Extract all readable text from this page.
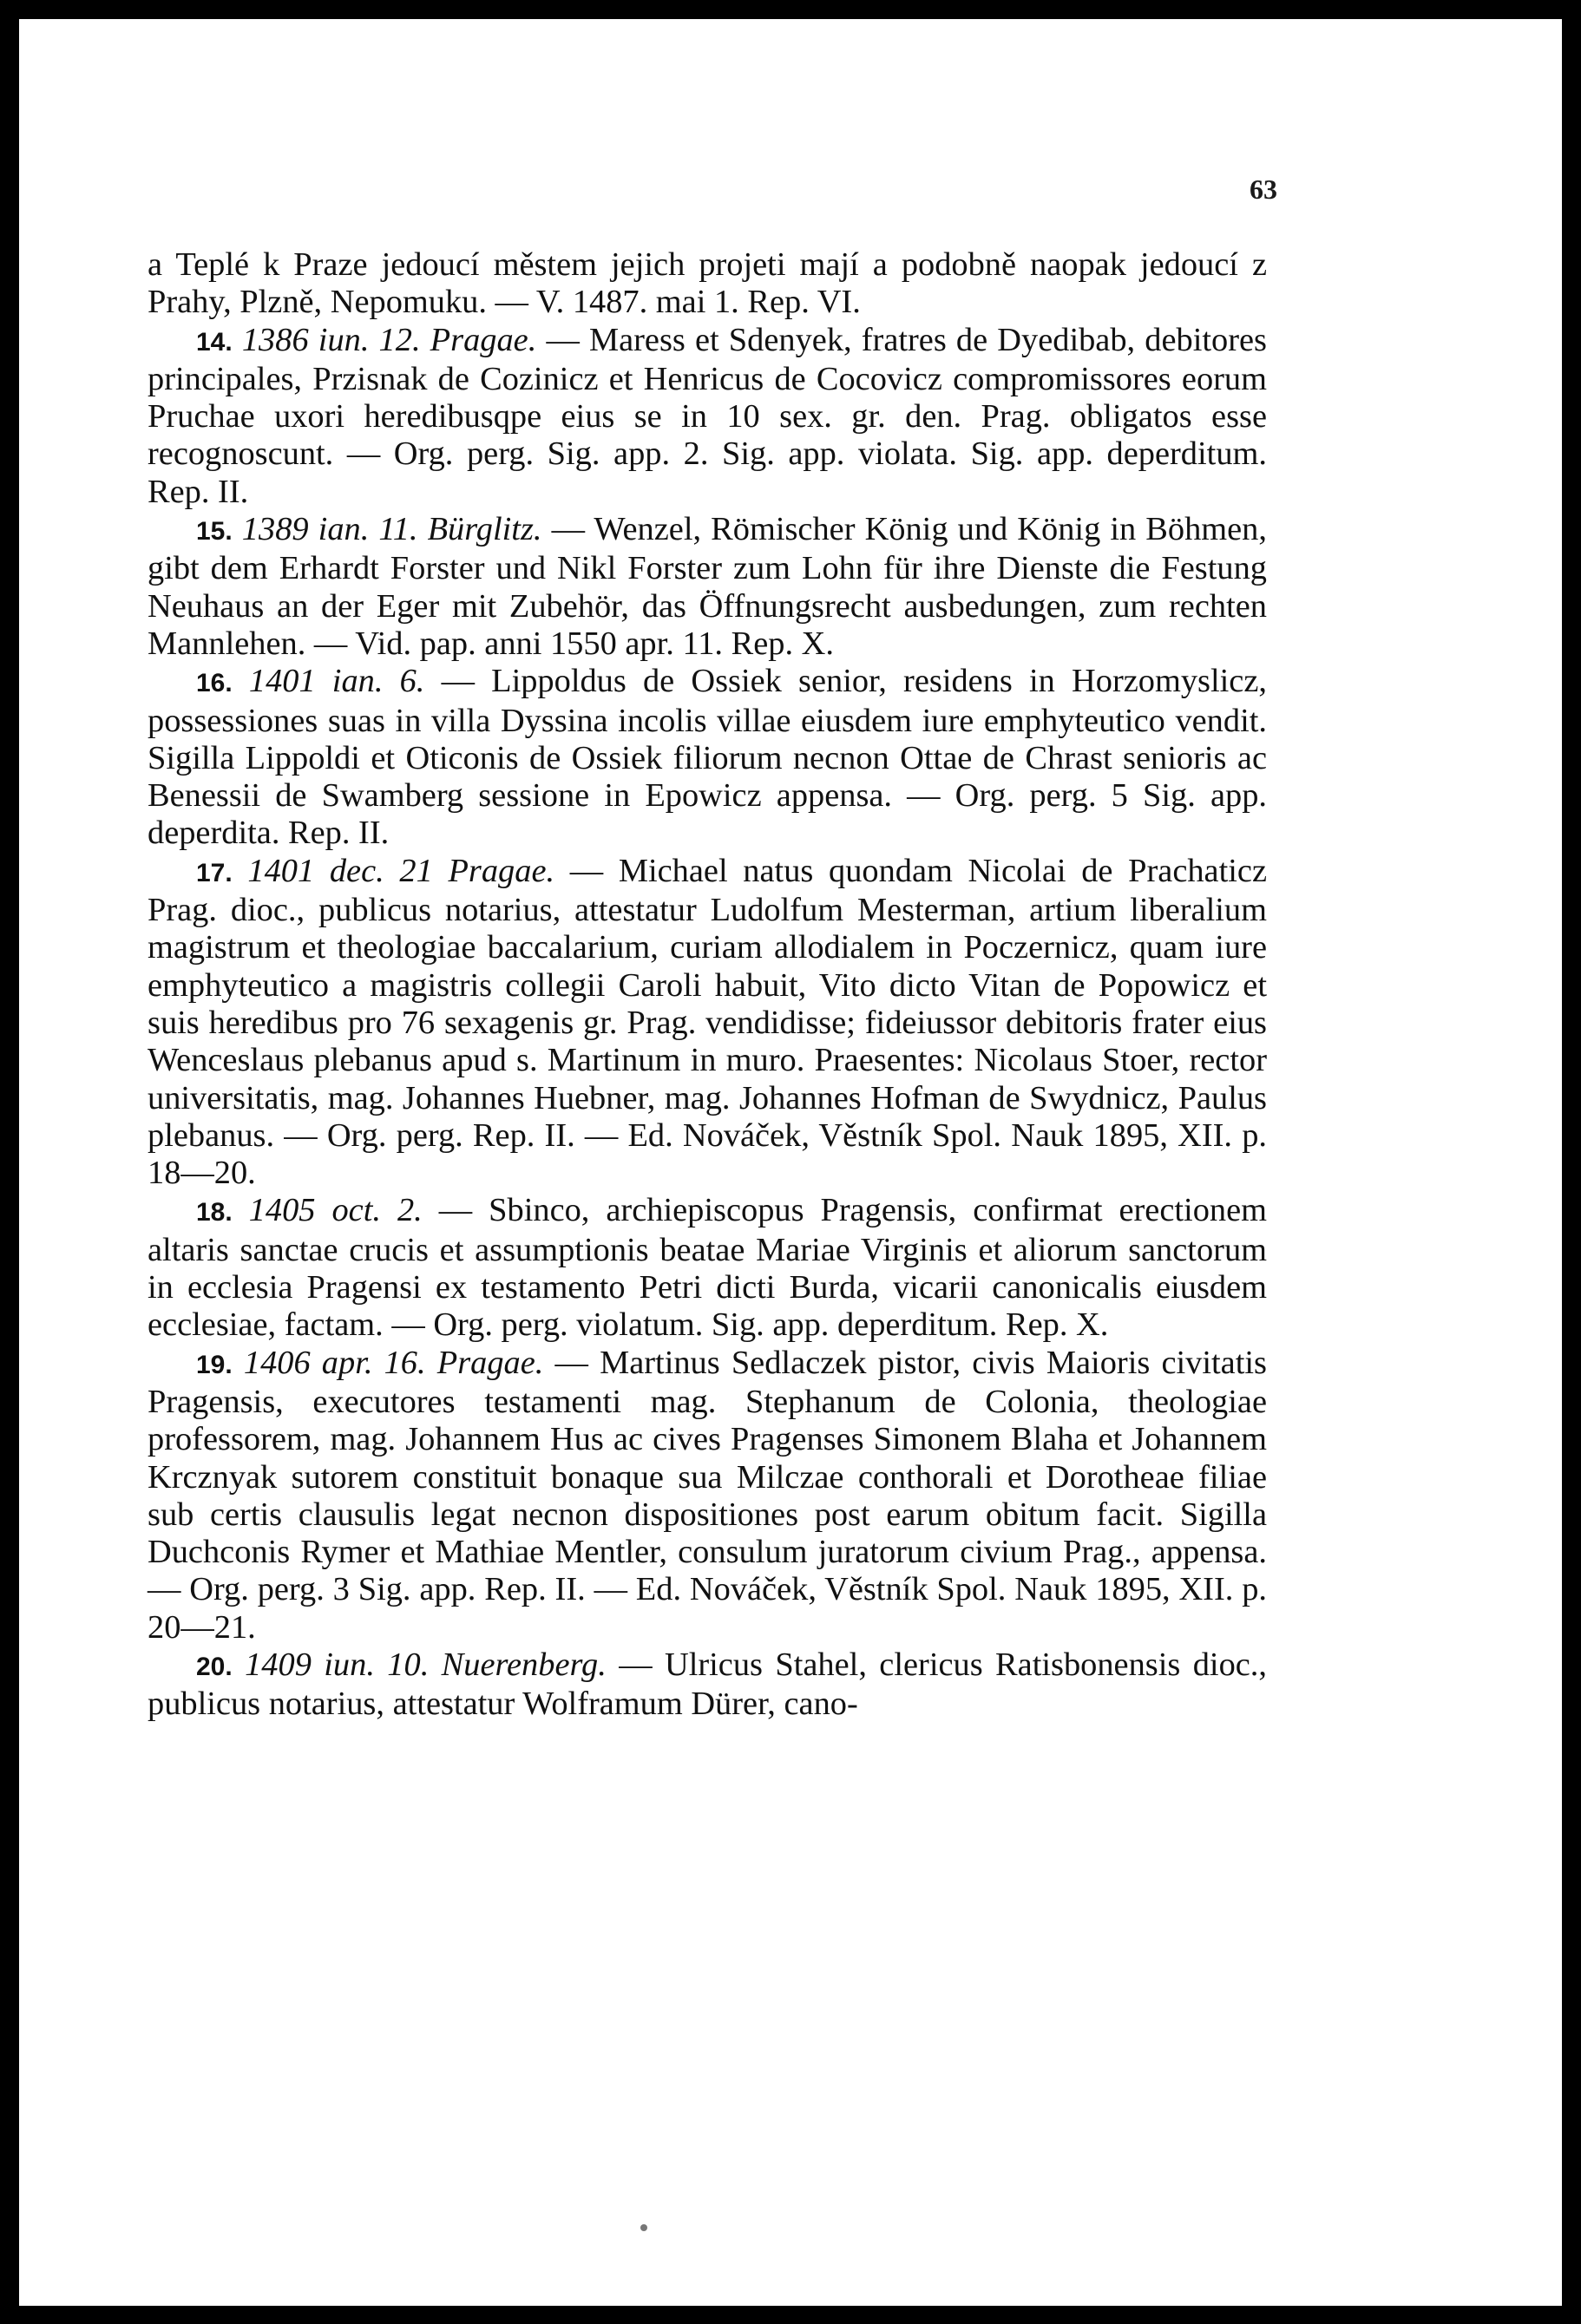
63

a Teplé k Praze jedoucí městem jejich projeti mají a podobně naopak jedoucí z Prahy, Plzně, Nepomuku. — V. 1487. mai 1. Rep. VI.

14. 1386 iun. 12. Pragae. — Maress et Sdenyek, fratres de Dyedibab, debitores principales, Przisnak de Cozinicz et Henricus de Cocovicz compromissores eorum Pruchae uxori heredibusqpe eius se in 10 sex. gr. den. Prag. obligatos esse recognoscunt. — Org. perg. Sig. app. 2. Sig. app. violata. Sig. app. deperditum. Rep. II.

15. 1389 ian. 11. Bürglitz. — Wenzel, Römischer König und König in Böhmen, gibt dem Erhardt Forster und Nikl Forster zum Lohn für ihre Dienste die Festung Neuhaus an der Eger mit Zubehör, das Öffnungsrecht ausbedungen, zum rechten Mannlehen. — Vid. pap. anni 1550 apr. 11. Rep. X.

16. 1401 ian. 6. — Lippoldus de Ossiek senior, residens in Horzomyslicz, possessiones suas in villa Dyssina incolis villae eiusdem iure emphyteutico vendit. Sigilla Lippoldi et Oticonis de Ossiek filiorum necnon Ottae de Chrast senioris ac Benessii de Swamberg sessione in Epowicz appensa. — Org. perg. 5 Sig. app. deperdita. Rep. II.

17. 1401 dec. 21 Pragae. — Michael natus quondam Nicolai de Prachaticz Prag. dioc., publicus notarius, attestatur Ludolfum Mesterman, artium liberalium magistrum et theologiae baccalarium, curiam allodialem in Poczernicz, quam iure emphyteutico a magistris collegii Caroli habuit, Vito dicto Vitan de Popowicz et suis heredibus pro 76 sexagenis gr. Prag. vendidisse; fideiussor debitoris frater eius Wenceslaus plebanus apud s. Martinum in muro. Praesentes: Nicolaus Stoer, rector universitatis, mag. Johannes Huebner, mag. Johannes Hofman de Swydnicz, Paulus plebanus. — Org. perg. Rep. II. — Ed. Nováček, Věstník Spol. Nauk 1895, XII. p. 18—20.

18. 1405 oct. 2. — Sbinco, archiepiscopus Pragensis, confirmat erectionem altaris sanctae crucis et assumptionis beatae Mariae Virginis et aliorum sanctorum in ecclesia Pragensi ex testamento Petri dicti Burda, vicarii canonicalis eiusdem ecclesiae, factam. — Org. perg. violatum. Sig. app. deperditum. Rep. X.

19. 1406 apr. 16. Pragae. — Martinus Sedlaczek pistor, civis Maioris civitatis Pragensis, executores testamenti mag. Stephanum de Colonia, theologiae professorem, mag. Johannem Hus ac cives Pragenses Simonem Blaha et Johannem Krcznyak sutorem constituit bonaque sua Milczae conthorali et Dorotheae filiae sub certis clausulis legat necnon dispositiones post earum obitum facit. Sigilla Duchconis Rymer et Mathiae Mentler, consulum juratorum civium Prag., appensa. — Org. perg. 3 Sig. app. Rep. II. — Ed. Nováček, Věstník Spol. Nauk 1895, XII. p. 20—21.

20. 1409 iun. 10. Nuerenberg. — Ulricus Stahel, clericus Ratisbonensis dioc., publicus notarius, attestatur Wolframum Dürer, cano-
